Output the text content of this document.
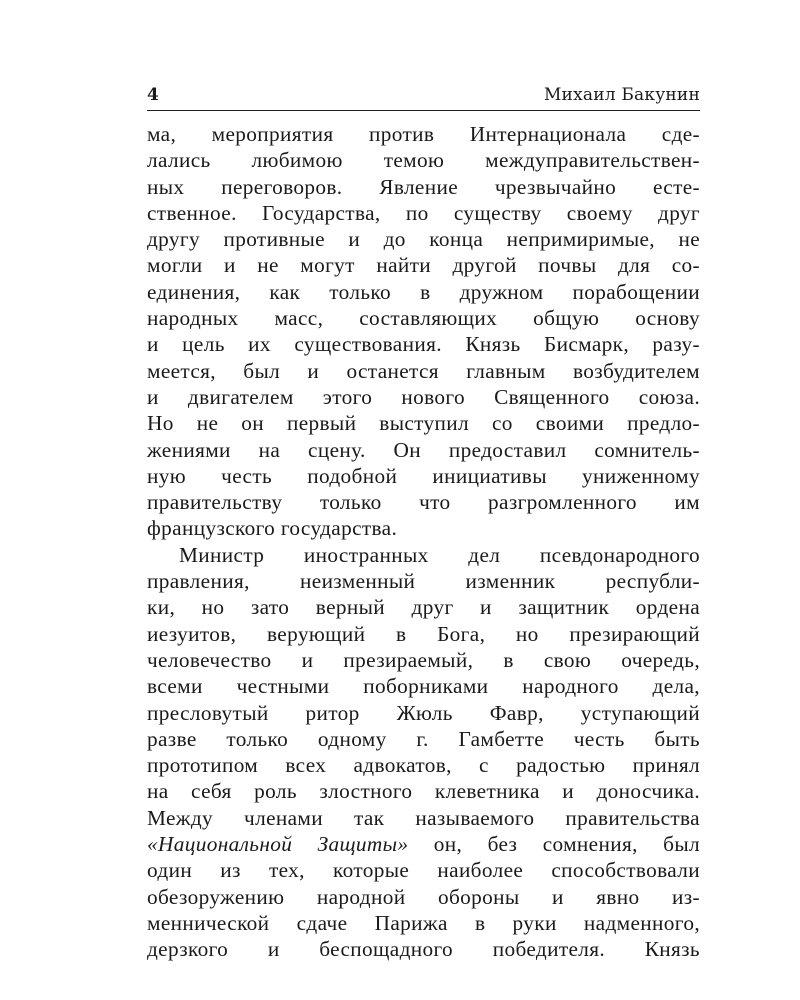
4	Михаил Бакунин
ма, мероприятия против Интернационала сде-
лались любимою темою междуправительствен-
ных переговоров. Явление чрезвычайно есте-
ственное. Государства, по существу своему друг
другу противные и до конца непримиримые, не
могли и не могут найти другой почвы для со-
единения, как только в дружном порабощении
народных масс, составляющих общую основу
и цель их существования. Князь Бисмарк, разу-
меется, был и останется главным возбудителем
и двигателем этого нового Священного союза.
Но не он первый выступил со своими предло-
жениями на сцену. Он предоставил сомнитель-
ную честь подобной инициативы униженному
правительству только что разгромленного им
французского государства.
Министр иностранных дел псевдонародного
правления, неизменный изменник республи-
ки, но зато верный друг и защитник ордена
иезуитов, верующий в Бога, но презирающий
человечество и презираемый, в свою очередь,
всеми честными поборниками народного дела,
пресловутый ритор Жюль Фавр, уступающий
разве только одному г. Гамбетте честь быть
прототипом всех адвокатов, с радостью принял
на себя роль злостного клеветника и доносчика.
Между членами так называемого правительства
«Национальной Защиты» он, без сомнения, был
один из тех, которые наиболее способствовали
обезоружению народной обороны и явно из-
меннической сдаче Парижа в руки надменного,
дерзкого и беспощадного победителя. Князь
